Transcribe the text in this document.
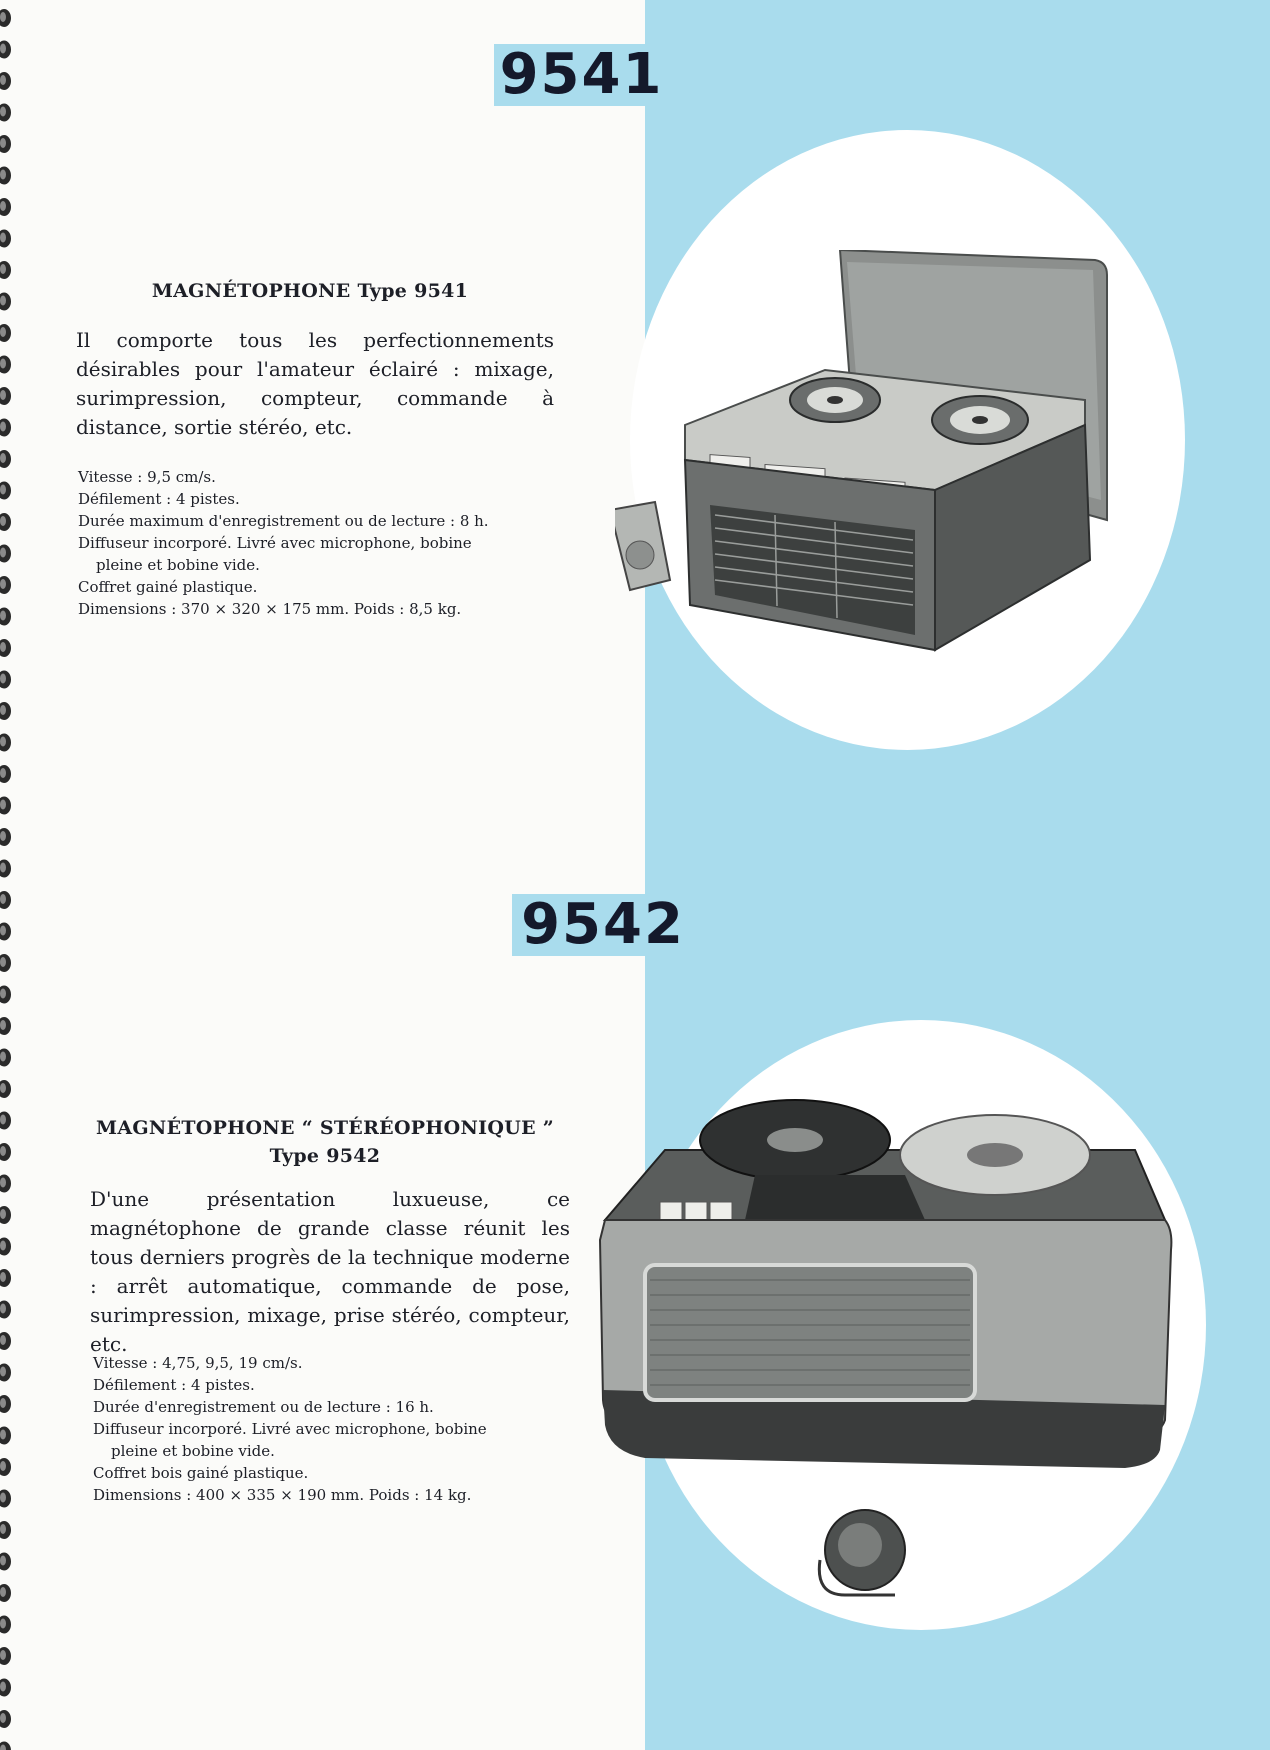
9541
MAGNÉTOPHONE Type 9541
Il comporte tous les perfectionnements désirables pour l'amateur éclairé : mixage, surimpression, compteur, commande à distance, sortie stéréo, etc.
Vitesse : 9,5 cm/s.
Défilement : 4 pistes.
Durée maximum d'enregistrement ou de lecture : 8 h.
Diffuseur incorporé. Livré avec microphone, bobine
pleine et bobine vide.
Coffret gainé plastique.
Dimensions : 370 × 320 × 175 mm. Poids : 8,5 kg.
9542
MAGNÉTOPHONE “ STÉRÉOPHONIQUE ”
Type 9542
D'une présentation luxueuse, ce magnétophone de grande classe réunit les tous derniers progrès de la technique moderne : arrêt automatique, commande de pose, surimpression, mixage, prise stéréo, compteur, etc.
Vitesse : 4,75, 9,5, 19 cm/s.
Défilement : 4 pistes.
Durée d'enregistrement ou de lecture : 16 h.
Diffuseur incorporé. Livré avec microphone, bobine
pleine et bobine vide.
Coffret bois gainé plastique.
Dimensions : 400 × 335 × 190 mm. Poids : 14 kg.
